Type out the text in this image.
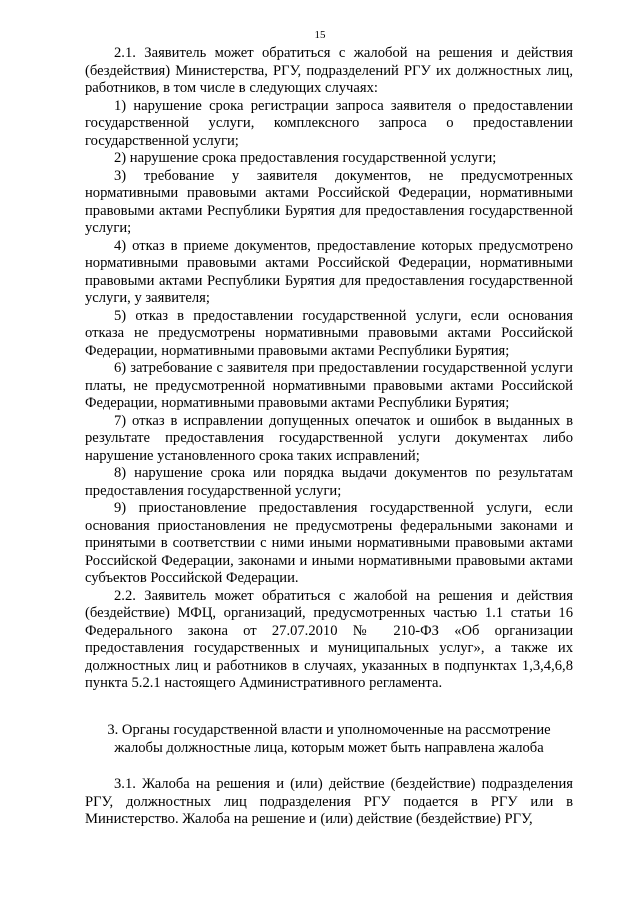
15

2.1. Заявитель может обратиться с жалобой на решения и действия (бездействия) Министерства, РГУ, подразделений РГУ их должностных лиц, работников, в том числе в следующих случаях:

1) нарушение срока регистрации запроса заявителя о предоставлении государственной услуги, комплексного запроса о предоставлении государственной услуги;

2) нарушение срока предоставления государственной услуги;

3) требование у заявителя документов, не предусмотренных нормативными правовыми актами Российской Федерации, нормативными правовыми актами Республики Бурятия для предоставления государственной услуги;

4) отказ в приеме документов, предоставление которых предусмотрено нормативными правовыми актами Российской Федерации, нормативными правовыми актами Республики Бурятия для предоставления государственной услуги, у заявителя;

5) отказ в предоставлении государственной услуги, если основания отказа не предусмотрены нормативными правовыми актами Российской Федерации, нормативными правовыми актами Республики Бурятия;

6) затребование с заявителя при предоставлении государственной услуги платы, не предусмотренной нормативными правовыми актами Российской Федерации, нормативными правовыми актами Республики Бурятия;

7) отказ в исправлении допущенных опечаток и ошибок в выданных в результате предоставления государственной услуги документах либо нарушение установленного срока таких исправлений;

8) нарушение срока или порядка выдачи документов по результатам предоставления государственной услуги;

9) приостановление предоставления государственной услуги, если основания приостановления не предусмотрены федеральными законами и принятыми в соответствии с ними иными нормативными правовыми актами Российской Федерации, законами и иными нормативными правовыми актами субъектов Российской Федерации.

2.2. Заявитель может обратиться с жалобой на решения и действия (бездействие) МФЦ, организаций, предусмотренных частью 1.1 статьи 16 Федерального закона от 27.07.2010 № 210-ФЗ «Об организации предоставления государственных и муниципальных услуг», а также их должностных лиц и работников в случаях, указанных в подпунктах 1,3,4,6,8 пункта 5.2.1 настоящего Административного регламента.

3. Органы государственной власти и уполномоченные на рассмотрение жалобы должностные лица, которым может быть направлена жалоба

3.1. Жалоба на решения и (или) действие (бездействие) подразделения РГУ, должностных лиц подразделения РГУ подается в РГУ или в Министерство. Жалоба на решение и (или) действие (бездействие) РГУ,
